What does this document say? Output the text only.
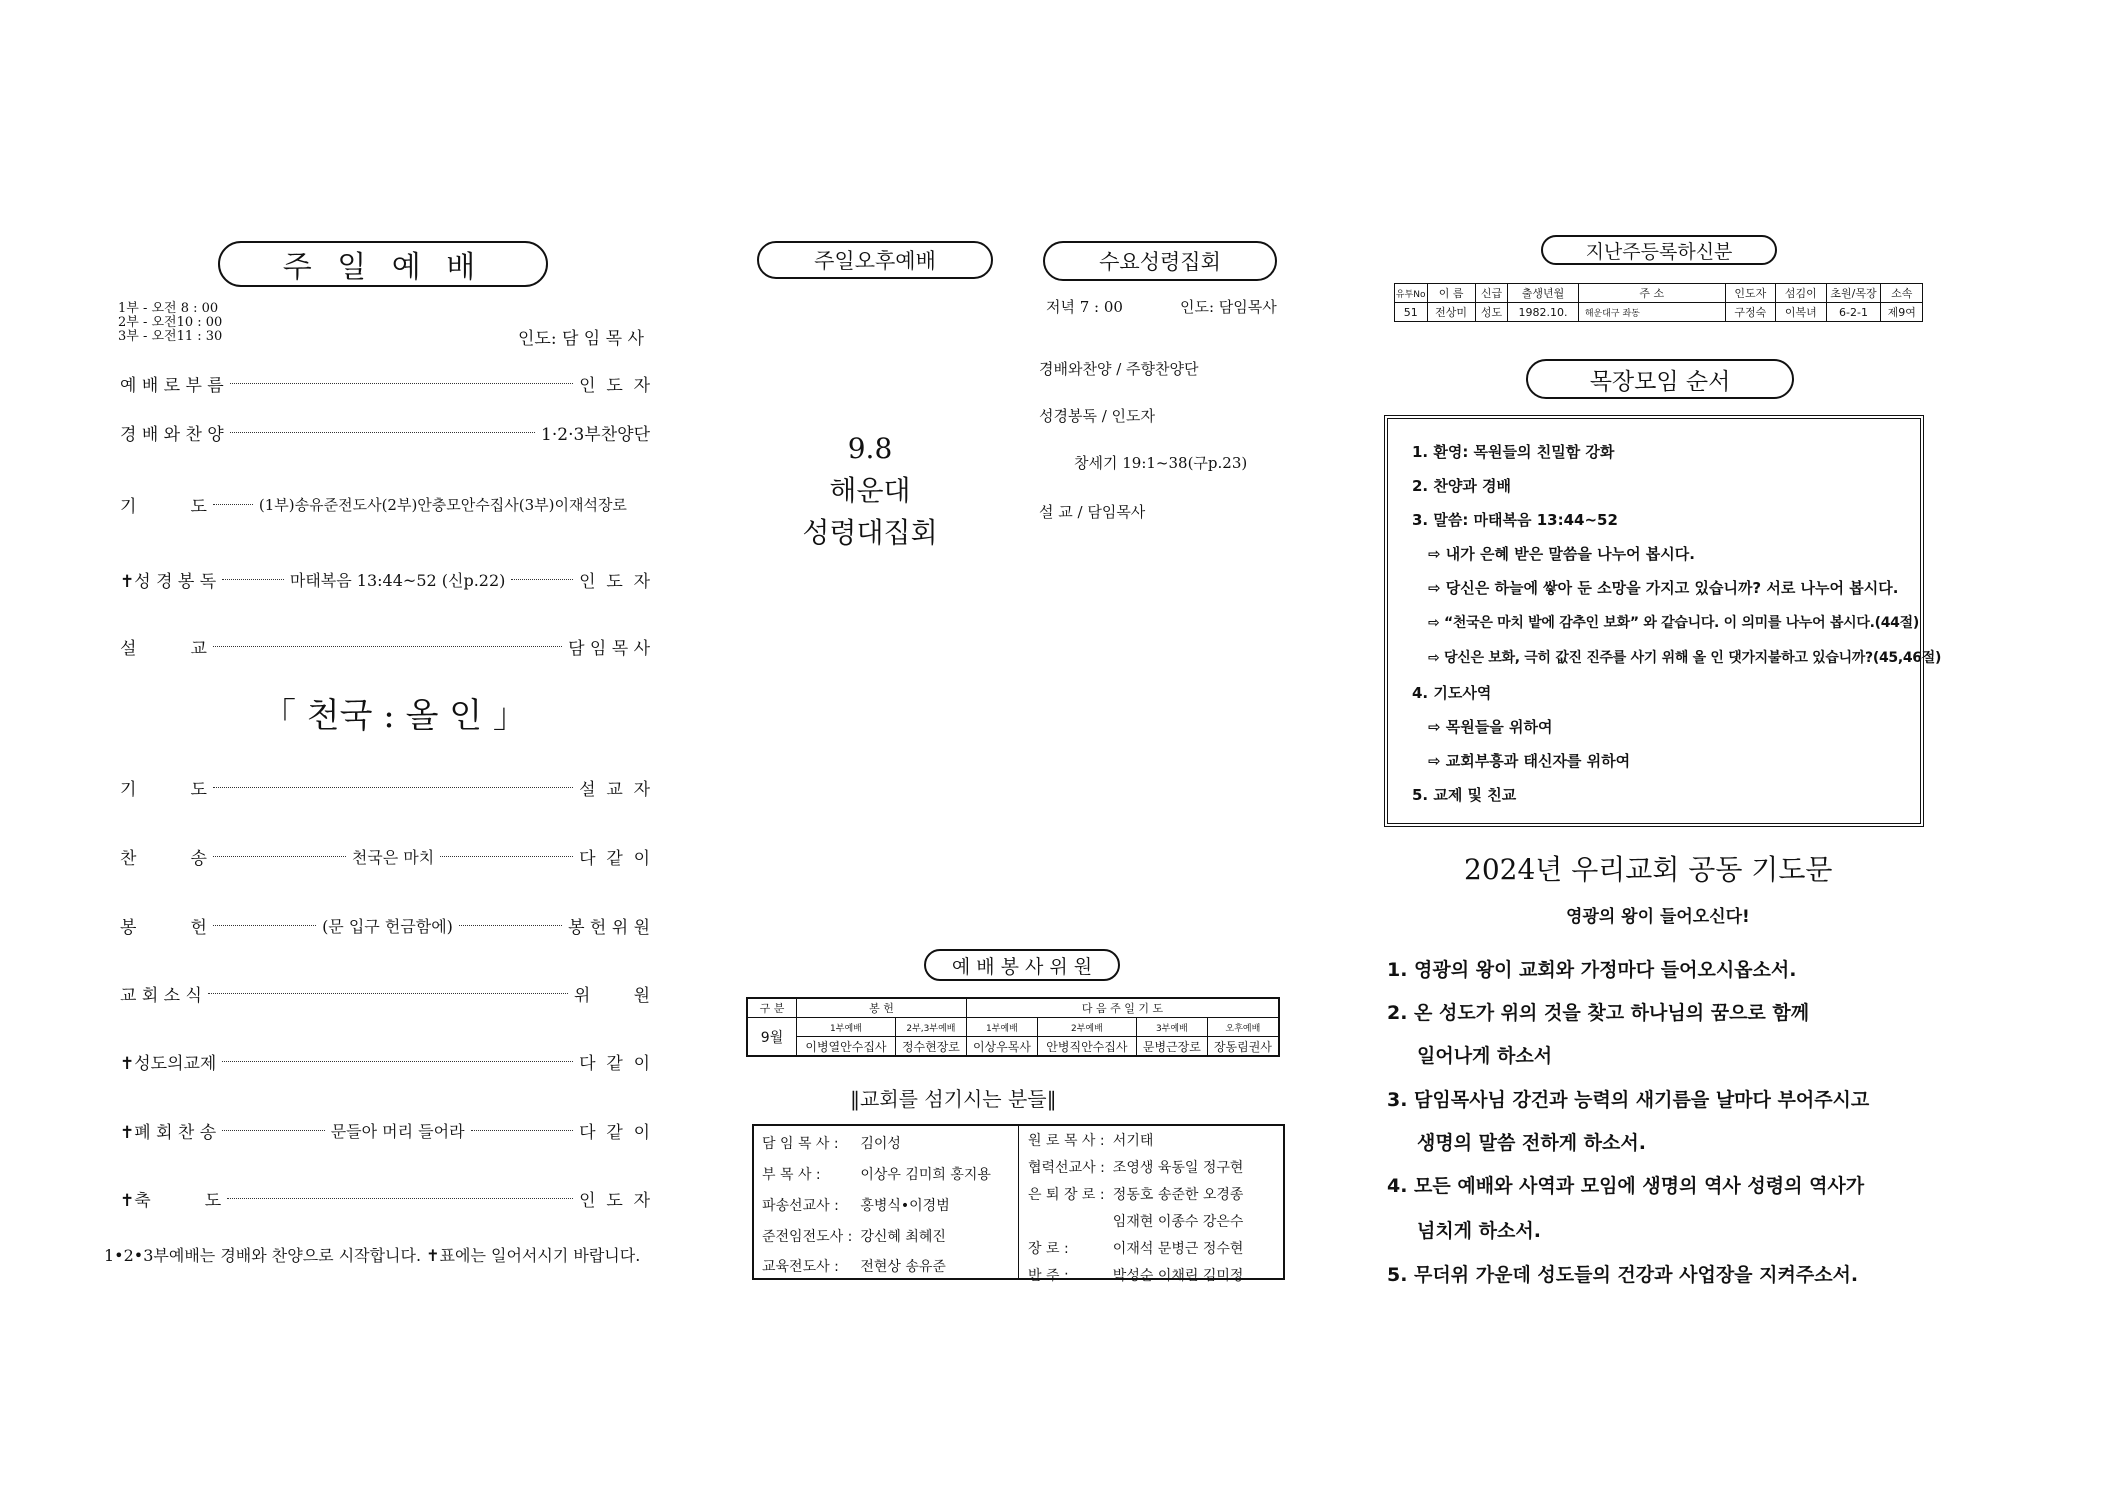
주 일 예 배
1부 - 오전 8 : 00
2부 - 오전10 : 00
3부 - 오전11 : 30	인도: 담 임 목 사
예 배 로 부 름	인  도  자
경 배 와 찬 양	1·2·3부찬양단
기          도	(1부)송유준전도사(2부)안충모안수집사(3부)이재석장로
✝성 경 봉 독	마태복음 13:44~52 (신p.22)	인  도  자
설          교	담 임 목 사
「 천국 : 올 인 」
기          도	설  교  자
찬          송	천국은 마치	다  같  이
봉          헌	(문 입구 헌금함에)	봉 헌 위 원
교 회 소 식	위        원
✝성도의교제	다  같  이
✝폐 회 찬 송	문들아 머리 들어라	다  같  이
✝축          도	인  도  자
1•2•3부예배는 경배와 찬양으로 시작합니다. ✝표에는 일어서시기 바랍니다.
주일오후예배
9.8
해운대
성령대집회
수요성령집회
저녁 7 : 00	인도: 담임목사
경배와찬양 / 주향찬양단
성경봉독 / 인도자
창세기 19:1~38(구p.23)
설 교 / 담임목사
예 배 봉 사 위 원
구 분	봉 헌		다 음 주 일 기 도			
9월	1부예배	2부,3부예배	1부예배	2부예배	3부예배	오후예배
	이병열안수집사	정수현장로	이상우목사	안병직안수집사	문병근장로	장동림권사
‖교회를 섬기시는 분들‖
담 임 목 사 :	김이성
부 목 사 :	이상우 김미희 홍지용
파송선교사 :	홍병식•이경범
준전임전도사 :	강신혜 최혜진
교육전도사 :	전현상 송유준
원 로 목 사 :	서기태
협력선교사 :	조영생 육동일 정구현
은 퇴 장 로 :	정동호 송준한 오경종
	임재현 이종수 강은수
장 로 :	이재석 문병근 정수현
반 주 :	박성순 이채린 김미정
지난주등록하신분
유투No	이 름	신급	출생년월	주 소	인도자	섬김이	초원/목장	소속
51	전상미	성도	1982.10.	해운대구 좌동	구정숙	이복녀	6-2-1	제9여
목장모임 순서
1. 환영: 목원들의 친밀함 강화
2. 찬양과 경배
3. 말씀: 마태복음 13:44~52
⇨ 내가 은혜 받은 말씀을 나누어 봅시다.
⇨ 당신은 하늘에 쌓아 둔 소망을 가지고 있습니까? 서로 나누어 봅시다.
⇨ “천국은 마치 밭에 감추인 보화” 와 같습니다. 이 의미를 나누어 봅시다.(44절)
⇨ 당신은 보화, 극히 값진 진주를 사기 위해 올 인 댓가지불하고 있습니까?(45,46절)
4. 기도사역
⇨ 목원들을 위하여
⇨ 교회부흥과 태신자를 위하여
5. 교제 및 친교
2024년 우리교회 공동 기도문
영광의 왕이 들어오신다!
1. 영광의 왕이 교회와 가정마다 들어오시옵소서.
2. 온 성도가 위의 것을 찾고 하나님의 꿈으로 함께
일어나게 하소서
3. 담임목사님 강건과 능력의 새기름을 날마다 부어주시고
생명의 말씀 전하게 하소서.
4. 모든 예배와 사역과 모임에 생명의 역사 성령의 역사가
넘치게 하소서.
5. 무더위 가운데 성도들의 건강과 사업장을 지켜주소서.
